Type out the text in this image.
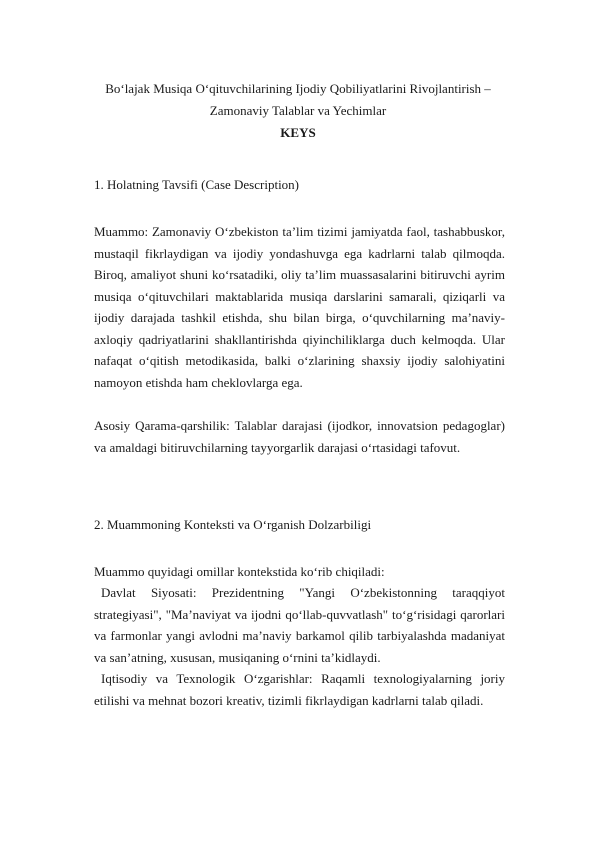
Bo‘lajak Musiqa O‘qituvchilarining Ijodiy Qobiliyatlarini Rivojlantirish –
Zamonaviy Talablar va Yechimlar
KEYS
1. Holatning Tavsifi (Case Description)
Muammo: Zamonaviy O‘zbekiston ta’lim tizimi jamiyatda faol, tashabbuskor, mustaqil fikrlaydigan va ijodiy yondashuvga ega kadrlarni talab qilmoqda. Biroq, amaliyot shuni ko‘rsatadiki, oliy ta’lim muassasalarini bitiruvchi ayrim musiqa o‘qituvchilari maktablarida musiqa darslarini samarali, qiziqarli va ijodiy darajada tashkil etishda, shu bilan birga, o‘quvchilarning ma’naviy-axloqiy qadriyatlarini shakllantirishda qiyinchiliklarga duch kelmoqda. Ular nafaqat o‘qitish metodikasida, balki o‘zlarining shaxsiy ijodiy salohiyatini namoyon etishda ham cheklovlarga ega.
Asosiy Qarama-qarshilik: Talablar darajasi (ijodkor, innovatsion pedagoglar) va amaldagi bitiruvchilarning tayyorgarlik darajasi o‘rtasidagi tafovut.
2. Muammoning Konteksti va O‘rganish Dolzarbiligi
Muammo quyidagi omillar kontekstida ko‘rib chiqiladi:
Davlat Siyosati: Prezidentning "Yangi O‘zbekistonning taraqqiyot strategiyasi", "Ma’naviyat va ijodni qo‘llab-quvvatlash" to‘g‘risidagi qarorlari va farmonlar yangi avlodni ma’naviy barkamol qilib tarbiyalashda madaniyat va san’atning, xususan, musiqaning o‘rnini ta’kidlaydi.
Iqtisodiy va Texnologik O‘zgarishlar: Raqamli texnologiyalarning joriy etilishi va mehnat bozori kreativ, tizimli fikrlaydigan kadrlarni talab qiladi.
